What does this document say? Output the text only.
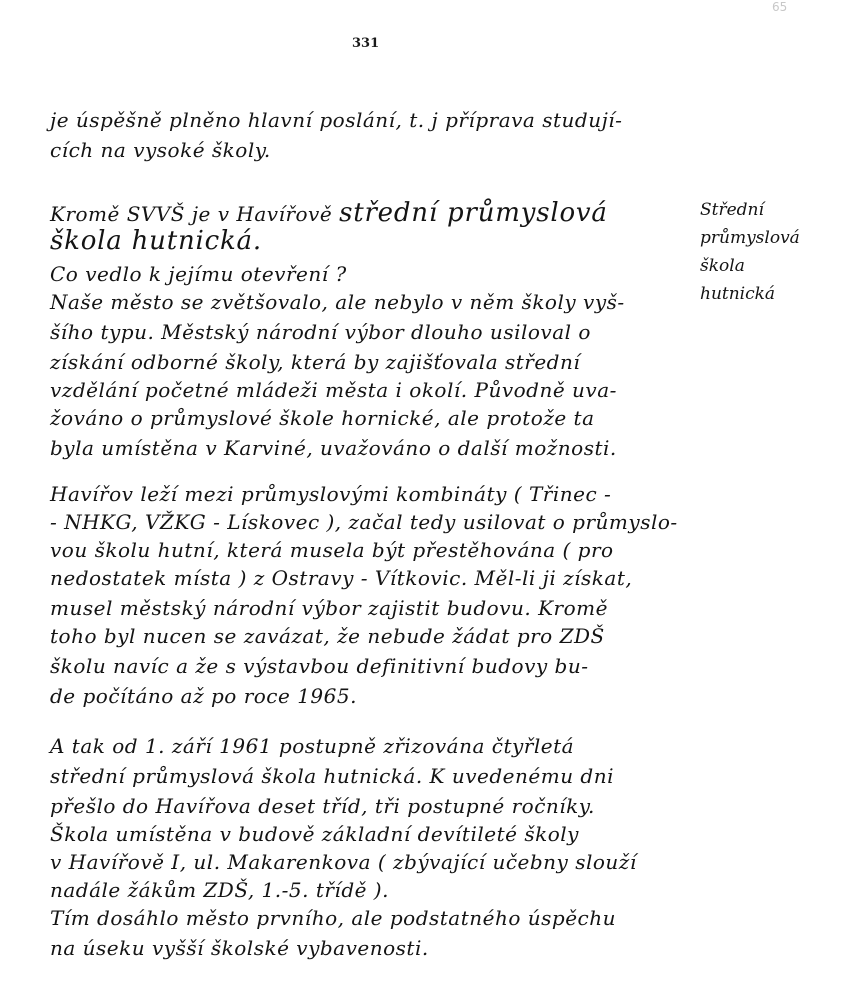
65
331
je úspěšně plněno hlavní poslání, t. j příprava studují-
cích na vysoké školy.
Kromě SVVŠ je v Havířově střední průmyslová
škola hutnická.
Co vedlo k jejímu otevření ?
Naše město se zvětšovalo, ale nebylo v něm školy vyš-
šího typu. Městský národní výbor dlouho usiloval o
získání odborné školy, která by zajišťovala střední
vzdělání početné mládeži města i okolí. Původně uva-
žováno o průmyslové škole hornické, ale protože ta
byla umístěna v Karviné, uvažováno o další možnosti.
Havířov leží mezi průmyslovými kombináty ( Třinec -
- NHKG, VŽKG - Lískovec ), začal tedy usilovat o průmyslo-
vou školu hutní, která musela být přestěhována ( pro
nedostatek místa ) z Ostravy - Vítkovic. Měl-li ji získat,
musel městský národní výbor zajistit budovu. Kromě
toho byl nucen se zavázat, že nebude žádat pro ZDŠ
školu navíc a že s výstavbou definitivní budovy bu-
de počítáno až po roce 1965.
A tak od 1. září 1961 postupně zřizována čtyřletá
střední průmyslová škola hutnická. K uvedenému dni
přešlo do Havířova deset tříd, tři postupné ročníky.
Škola umístěna v budově základní devítileté školy
v Havířově I, ul. Makarenkova ( zbývající učebny slouží
nadále žákům ZDŠ, 1.-5. třídě ).
Tím dosáhlo město prvního, ale podstatného úspěchu
na úseku vyšší školské vybavenosti.
Střední
průmyslová
škola
hutnická
